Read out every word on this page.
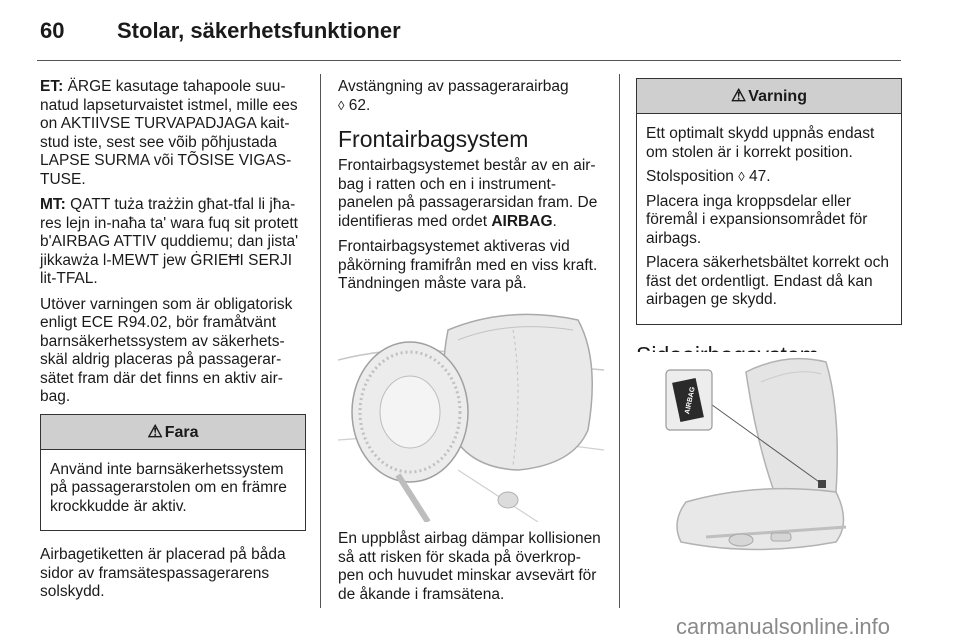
60 Stolar, säkerhetsfunktioner

ET: ÄRGE kasutage tahapoole suu-natud lapseturvaistet istmel, mille ees on AKTIIVSE TURVAPADJAGA kait-stud iste, sest see võib põhjustada LAPSE SURMA või TÕSISE VIGAS-TUSE.

MT: QATT tuża trażżin għat-tfal li jħa-res lejn in-naħa ta' wara fuq sit protett b'AIRBAG ATTIV quddiemu; dan jista' jikkawża l-MEWT jew ĠRIEĦI SERJI lit-TFAL.

Utöver varningen som är obligatorisk enligt ECE R94.02, bör framåtvänt barnsäkerhetssystem av säkerhets-skäl aldrig placeras på passagerar-sätet fram där det finns en aktiv air-bag.

⚠ Fara

Använd inte barnsäkerhetssystem på passagerarstolen om en främre krockkudde är aktiv.

Airbagetiketten är placerad på båda sidor av framsätespassagerarens solskydd.

Avstängning av passagerarairbag
◊ 62.

Frontairbagsystem

Frontairbagsystemet består av en air-bag i ratten och en i instrument-panelen på passagerarsidan fram. De identifieras med ordet AIRBAG.

Frontairbagsystemet aktiveras vid påkörning framifrån med en viss kraft. Tändningen måste vara på.

En uppblåst airbag dämpar kollisionen så att risken för skada på överkrop-pen och huvudet minskar avsevärt för de åkande i framsätena.

⚠ Varning

Ett optimalt skydd uppnås endast om stolen är i korrekt position.

Stolsposition ◊ 47.

Placera inga kroppsdelar eller föremål i expansionsområdet för airbags.

Placera säkerhetsbältet korrekt och fäst det ordentligt. Endast då kan airbagen ge skydd.

AIRBAG
carmanualsonline.info
